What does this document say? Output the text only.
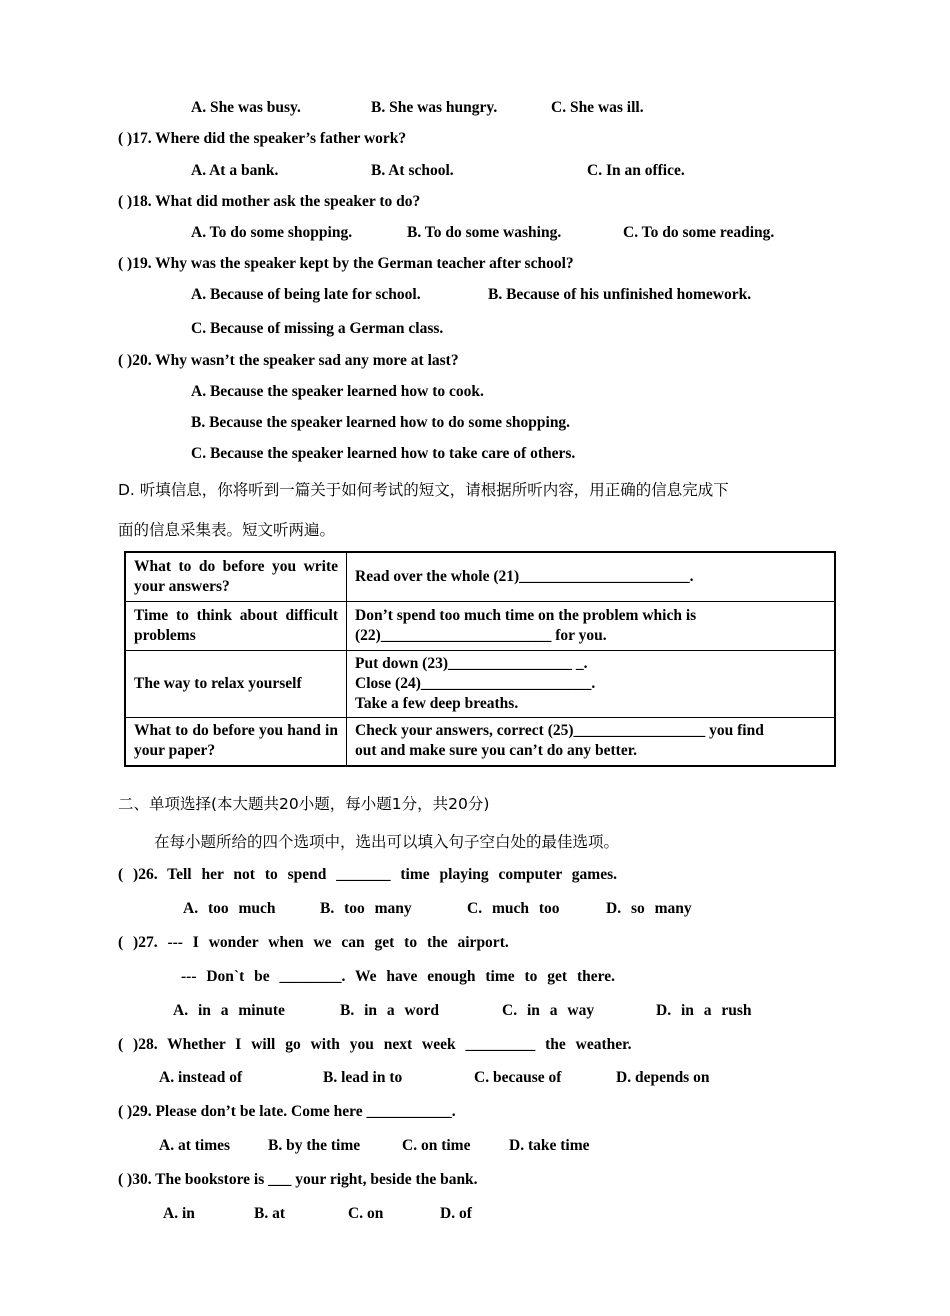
A. She was busy.	B. She was hungry.	C. She was ill.
( )17. Where did the speaker’s father work?
A. At a bank.	B. At school.	C. In an office.
( )18. What did mother ask the speaker to do?
A. To do some shopping.	B. To do some washing.	C. To do some reading.
( )19. Why was the speaker kept by the German teacher after school?
A. Because of being late for school.	B. Because of his unfinished homework.
C. Because of missing a German class.
( )20. Why wasn’t the speaker sad any more at last?
A. Because the speaker learned how to cook.
B. Because the speaker learned how to do some shopping.
C. Because the speaker learned how to take care of others.
D. 听填信息，你将听到一篇关于如何考试的短文，请根据所听内容，用正确的信息完成下
面的信息采集表。短文听两遍。
What to do before you write your answers?	Read over the whole (21)______________________.

Time to think about difficult problems	Don’t spend too much time on the problem which is
(22)______________________ for you.

The way to relax yourself	Put down (23)________________ _.
Close (24)______________________.
Take a few deep breaths.

What to do before you hand in your paper?	Check your answers, correct (25)_________________ you find
out and make sure you can’t do any better.
二、单项选择(本大题共20小题，每小题1分，共20分)
在每小题所给的四个选项中，选出可以填入句子空白处的最佳选项。
( )26. Tell her not to spend _______ time playing computer games.
A. too much	B. too many	C. much too	D. so many
( )27. --- I wonder when we can get to the airport.
--- Don`t be ________. We have enough time to get there.
A. in a minute	B. in a word	C. in a way	D. in a rush
( )28. Whether I will go with you next week _________ the weather.
A. instead of	B. lead in to	C. because of	D. depends on
( )29. Please don’t be late. Come here ___________.
A. at times B. by the time	C. on time D. take time
( )30. The bookstore is ___ your right, beside the bank.
A. in	B. at	C. on	D. of
